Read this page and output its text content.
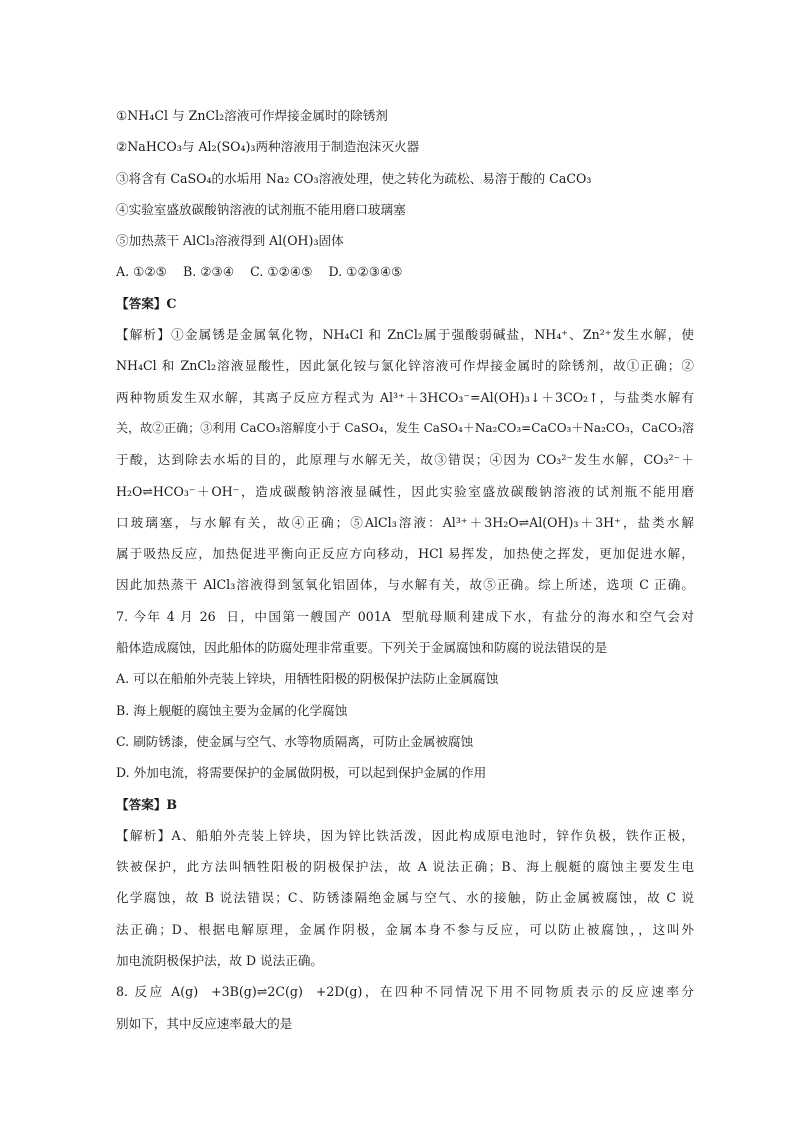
①NH₄Cl 与 ZnCl₂溶液可作焊接金属时的除锈剂
②NaHCO₃与 Al₂(SO₄)₃两种溶液用于制造泡沫灭火器
③将含有 CaSO₄的水垢用 Na₂ CO₃溶液处理，使之转化为疏松、易溶于酸的 CaCO₃
④实验室盛放碳酸钠溶液的试剂瓶不能用磨口玻璃塞
⑤加热蒸干 AlCl₃溶液得到 Al(OH)₃固体
A. ①②⑤    B. ②③④    C. ①②④⑤    D. ①②③④⑤
【答案】C
【解析】①金属锈是金属氧化物，NH₄Cl 和 ZnCl₂属于强酸弱碱盐，NH₄⁺、Zn²⁺发生水解，使
NH₄Cl 和 ZnCl₂溶液显酸性，因此氯化铵与氯化锌溶液可作焊接金属时的除锈剂，故①正确；②
两种物质发生双水解，其离子反应方程式为 Al³⁺＋3HCO₃⁻=Al(OH)₃↓＋3CO₂↑，与盐类水解有
关，故②正确；③利用 CaCO₃溶解度小于 CaSO₄，发生 CaSO₄＋Na₂CO₃=CaCO₃＋Na₂CO₃，CaCO₃溶
于酸，达到除去水垢的目的，此原理与水解无关，故③错误；④因为 CO₃²⁻发生水解，CO₃²⁻＋
H₂O⇌HCO₃⁻＋OH⁻，造成碳酸钠溶液显碱性，因此实验室盛放碳酸钠溶液的试剂瓶不能用磨
口玻璃塞，与水解有关，故④正确；⑤AlCl₃溶液：Al³⁺＋3H₂O⇌Al(OH)₃＋3H⁺，盐类水解
属于吸热反应，加热促进平衡向正反应方向移动，HCl 易挥发，加热使之挥发，更加促进水解，
因此加热蒸干 AlCl₃溶液得到氢氧化铝固体，与水解有关，故⑤正确。综上所述，选项 C 正确。
7. 今年 4 月 26  日，中国第一艘国产 001A  型航母顺利建成下水，有盐分的海水和空气会对
船体造成腐蚀，因此船体的防腐处理非常重要。下列关于金属腐蚀和防腐的说法错误的是
A. 可以在船舶外壳装上锌块，用牺牲阳极的阴极保护法防止金属腐蚀
B. 海上舰艇的腐蚀主要为金属的化学腐蚀
C. 刷防锈漆，使金属与空气、水等物质隔离，可防止金属被腐蚀
D. 外加电流，将需要保护的金属做阴极，可以起到保护金属的作用
【答案】B
【解析】A、船舶外壳装上锌块，因为锌比铁活泼，因此构成原电池时，锌作负极，铁作正极，
铁被保护，此方法叫牺牲阳极的阴极保护法，故 A 说法正确；B、海上舰艇的腐蚀主要发生电
化学腐蚀，故 B 说法错误；C、防锈漆隔绝金属与空气、水的接触，防止金属被腐蚀，故 C 说
法正确；D、根据电解原理，金属作阴极，金属本身不参与反应，可以防止被腐蚀，，这叫外
加电流阴极保护法，故 D 说法正确。
8. 反应 A(g)  +3B(g)⇌2C(g)  +2D(g)，在四种不同情况下用不同物质表示的反应速率分
别如下，其中反应速率最大的是
